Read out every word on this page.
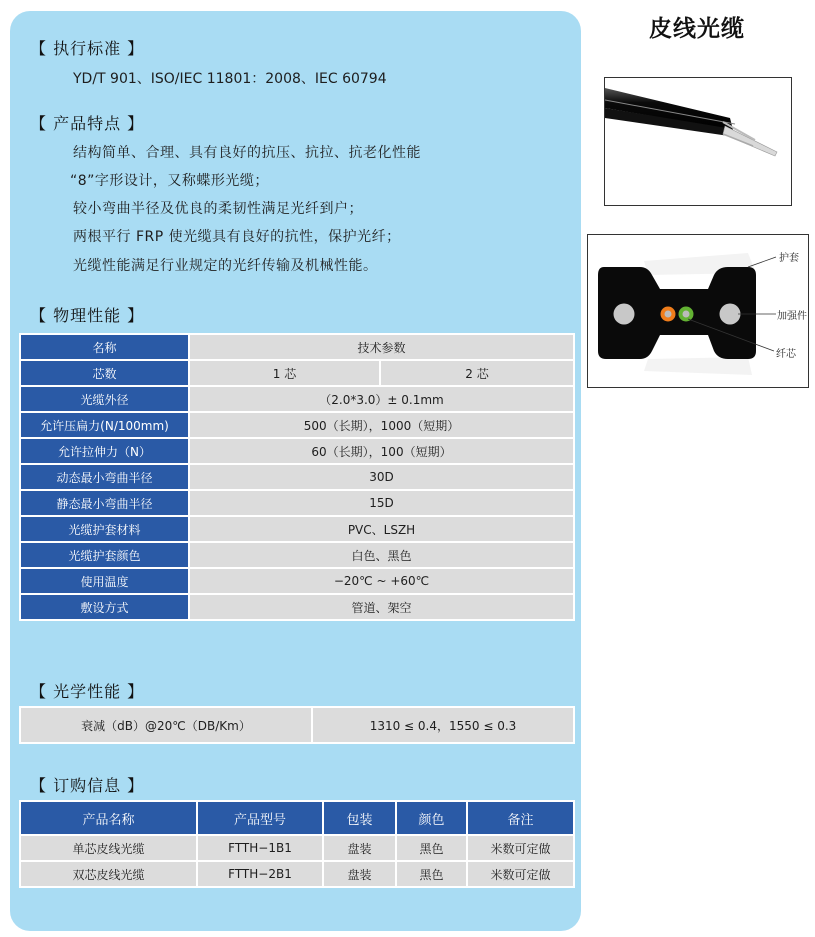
【 执行标准 】
YD/T 901、ISO/IEC 11801：2008、IEC 60794
【 产品特点 】
结构简单、合理、具有良好的抗压、抗拉、抗老化性能
“8”字形设计，又称蝶形光缆；
较小弯曲半径及优良的柔韧性满足光纤到户；
两根平行 FRP 使光缆具有良好的抗性，保护光纤；
光缆性能满足行业规定的光纤传输及机械性能。
【 物理性能 】
名称	技术参数	
芯数	1 芯	2 芯
光缆外径	（2.0*3.0）± 0.1mm	
允许压扁力(N/100mm)	500（长期），1000（短期）	
允许拉伸力（N）	60（长期），100（短期）	
动态最小弯曲半径	30D	
静态最小弯曲半径	15D	
光缆护套材料	PVC、LSZH	
光缆护套颜色	白色、黑色	
使用温度	−20℃ ~ +60℃	
敷设方式	管道、架空	
【 光学性能 】
衰减（dB）@20℃（DB/Km）	1310 ≤ 0.4，1550 ≤ 0.3
【 订购信息 】
产品名称	产品型号	包装	颜色	备注
单芯皮线光缆	FTTH−1B1	盘装	黑色	米数可定做
双芯皮线光缆	FTTH−2B1	盘装	黑色	米数可定做
皮线光缆
护套
加强件
纤芯
